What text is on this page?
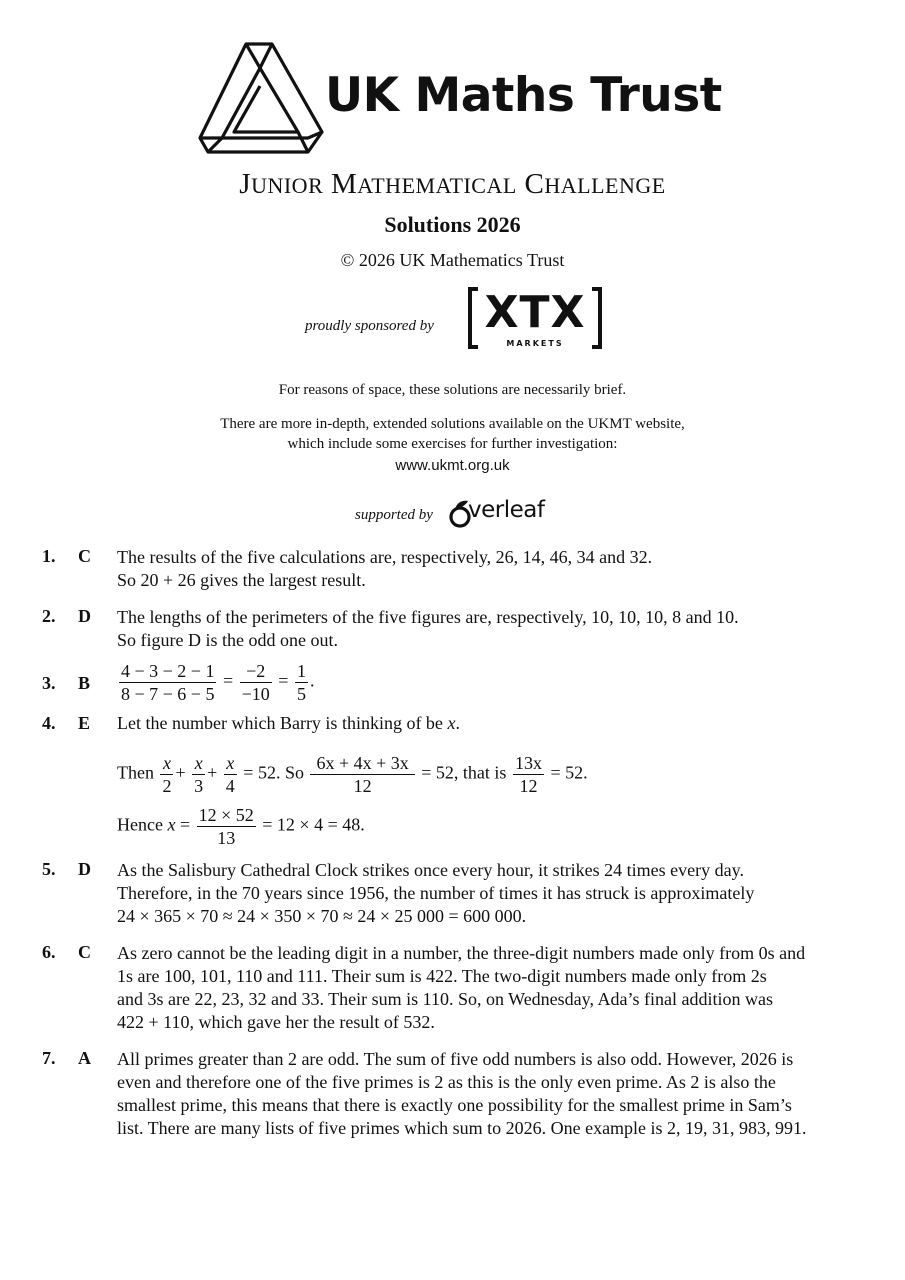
UK Maths Trust
JUNIOR MATHEMATICAL CHALLENGE
Solutions 2026
© 2026 UK Mathematics Trust
proudly sponsored by XTX
MARKETS
For reasons of space, these solutions are necessarily brief.
There are more in-depth, extended solutions available on the UKMT website,
which include some exercises for further investigation:
www.ukmt.org.uk
supported by verleaf
1. C The results of the five calculations are, respectively, 26, 14, 46, 34 and 32.
So 20 + 26 gives the largest result.
2. D The lengths of the perimeters of the five figures are, respectively, 10, 10, 10, 8 and 10.
So figure D is the odd one out.
3. B $\frac{4 - 3 - 2 - 1}{8 - 7 - 6 - 5} = \frac{-2}{-10} = \frac{1}{5}$ .
4. E Let the number which Barry is thinking of be x.
Then $\frac{x}{2} + \frac{x}{3} + \frac{x}{4} = 52$. So $\frac{6x + 4x + 3x}{12} = 52$, that is $\frac{13x}{12} = 52$.
Hence $x = \frac{12 \times 52}{13} = 12 \times 4 = 48$.
5. D As the Salisbury Cathedral Clock strikes once every hour, it strikes 24 times every day.
Therefore, in the 70 years since 1956, the number of times it has struck is approximately
24 × 365 × 70 ≈ 24 × 350 × 70 ≈ 24 × 25 000 = 600 000.
6. C As zero cannot be the leading digit in a number, the three-digit numbers made only from 0s and
1s are 100, 101, 110 and 111. Their sum is 422. The two-digit numbers made only from 2s
and 3s are 22, 23, 32 and 33. Their sum is 110. So, on Wednesday, Ada’s final addition was
422 + 110, which gave her the result of 532.
7. A All primes greater than 2 are odd. The sum of five odd numbers is also odd. However, 2026 is
even and therefore one of the five primes is 2 as this is the only even prime. As 2 is also the
smallest prime, this means that there is exactly one possibility for the smallest prime in Sam’s
list. There are many lists of five primes which sum to 2026. One example is 2, 19, 31, 983, 991.
